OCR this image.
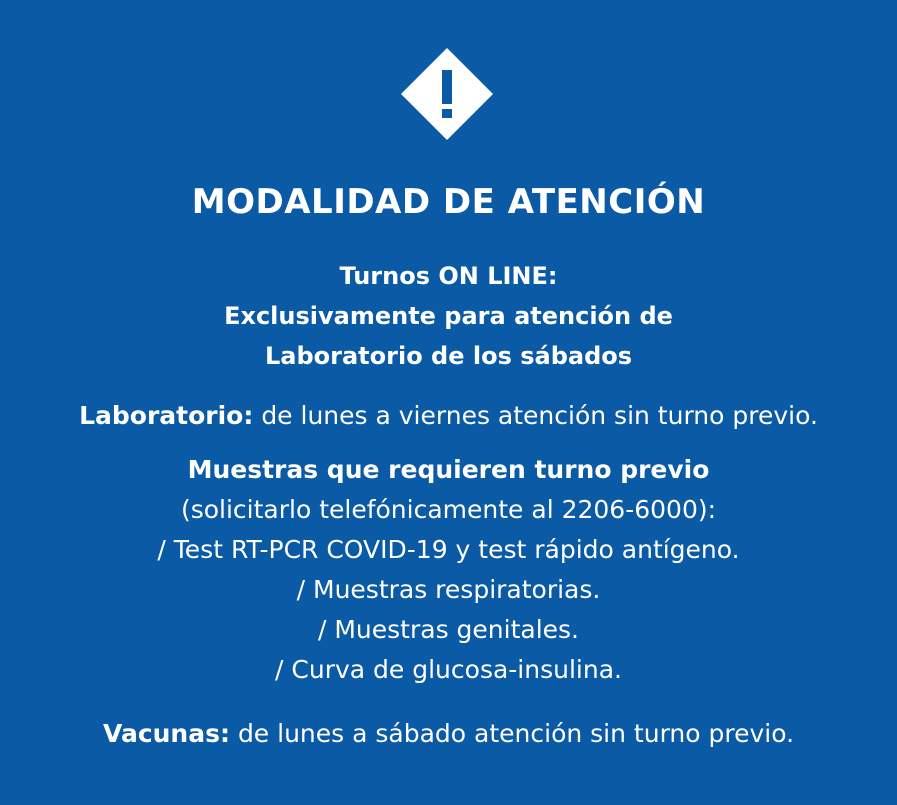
MODALIDAD DE ATENCIÓN
Turnos ON LINE:
Exclusivamente para atención de
Laboratorio de los sábados
Laboratorio: de lunes a viernes atención sin turno previo.
Muestras que requieren turno previo
(solicitarlo telefónicamente al 2206-6000):
/ Test RT-PCR COVID-19 y test rápido antígeno.
/ Muestras respiratorias.
/ Muestras genitales.
/ Curva de glucosa-insulina.
Vacunas: de lunes a sábado atención sin turno previo.
